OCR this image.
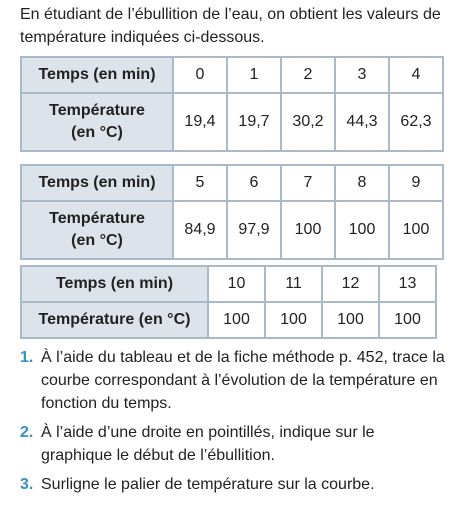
En étudiant de l’ébullition de l’eau, on obtient les valeurs de température indiquées ci-dessous.
Temps (en min)	0	1	2	3	4
Température
(en °C)	19,4	19,7	30,2	44,3	62,3
Temps (en min)	5	6	7	8	9
Température
(en °C)	84,9	97,9	100	100	100
Temps (en min)	10	11	12	13
Température (en °C)	100	100	100	100
1. À l’aide du tableau et de la fiche méthode p. 452, trace la courbe correspondant à l’évolution de la température en fonction du temps.
2. À l’aide d’une droite en pointillés, indique sur le graphique le début de l’ébullition.
3. Surligne le palier de température sur la courbe.
